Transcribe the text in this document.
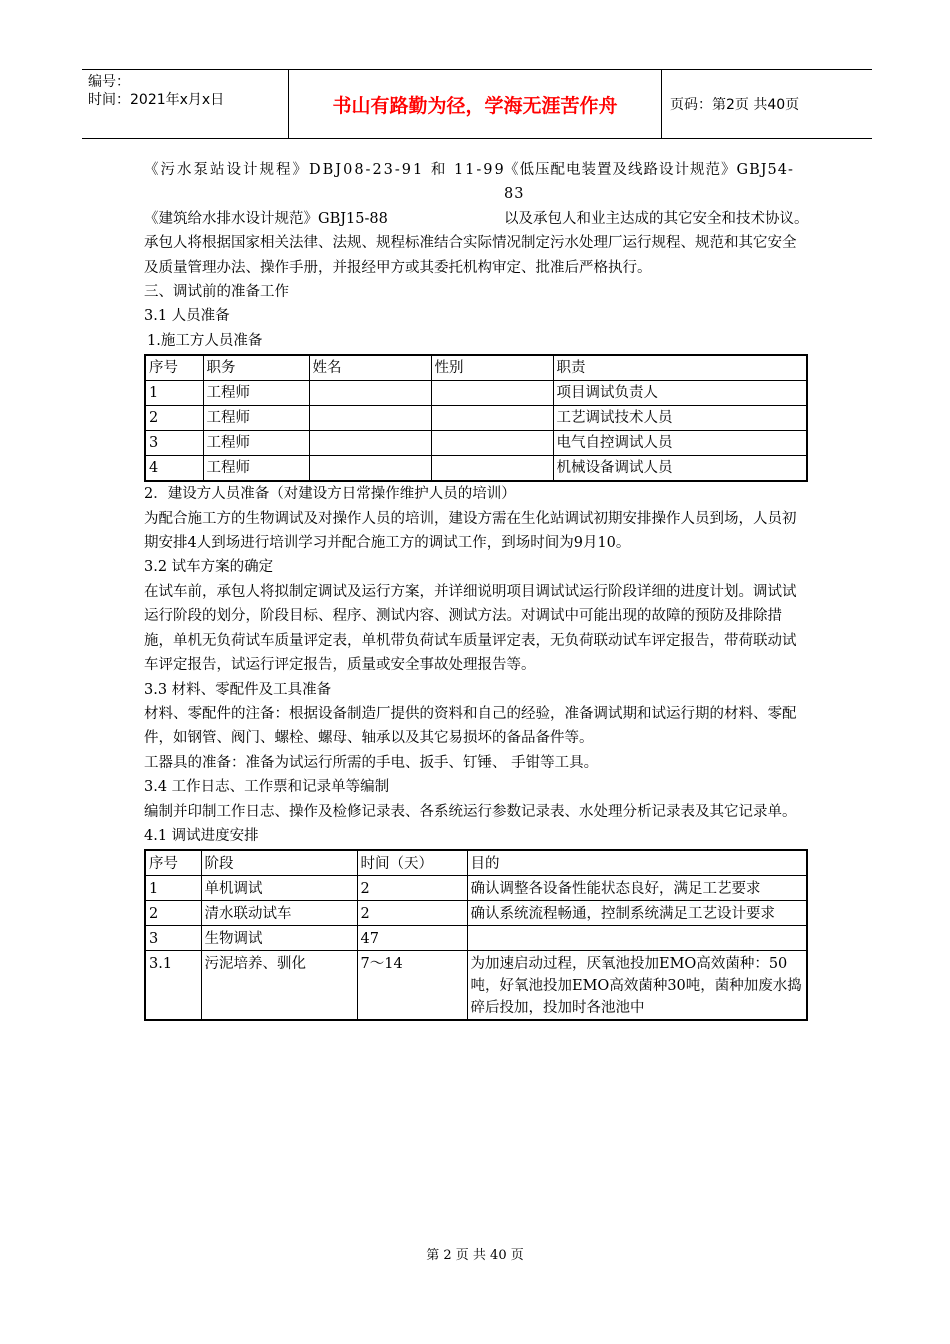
编号：
时间：2021年x月x日	书山有路勤为径，学海无涯苦作舟	页码：第2页 共40页
《污水泵站设计规程》DBJ08-23-91 和 11-99
《低压配电装置及线路设计规范》GBJ54-83
《建筑给水排水设计规范》GBJ15-88	以及承包人和业主达成的其它安全和技术协议。

承包人将根据国家相关法律、法规、规程标准结合实际情况制定污水处理厂运行规程、规范和其它安全及质量管理办法、操作手册，并报经甲方或其委托机构审定、批准后严格执行。

三、调试前的准备工作

3.1 人员准备

1.施工方人员准备

序号	职务	姓名	性别	职责
1	工程师			项目调试负责人
2	工程师			工艺调试技术人员
3	工程师			电气自控调试人员
4	工程师			机械设备调试人员

2．建设方人员准备（对建设方日常操作维护人员的培训）

为配合施工方的生物调试及对操作人员的培训，建设方需在生化站调试初期安排操作人员到场，人员初期安排4人到场进行培训学习并配合施工方的调试工作，到场时间为9月10。

3.2 试车方案的确定

在试车前，承包人将拟制定调试及运行方案，并详细说明项目调试试运行阶段详细的进度计划。调试试运行阶段的划分，阶段目标、程序、测试内容、测试方法。对调试中可能出现的故障的预防及排除措施，单机无负荷试车质量评定表，单机带负荷试车质量评定表，无负荷联动试车评定报告，带荷联动试车评定报告，试运行评定报告，质量或安全事故处理报告等。

3.3 材料、零配件及工具准备

材料、零配件的注备：根据设备制造厂提供的资料和自己的经验，准备调试期和试运行期的材料、零配件，如钢管、阀门、螺栓、螺母、轴承以及其它易损坏的备品备件等。

工器具的准备：准备为试运行所需的手电、扳手、钉锤、 手钳等工具。

3.4 工作日志、工作票和记录单等编制

编制并印制工作日志、操作及检修记录表、各系统运行参数记录表、水处理分析记录表及其它记录单。

4.1 调试进度安排

序号	阶段	时间（天）	目的
1	单机调试	2	确认调整各设备性能状态良好，满足工艺要求
2	清水联动试车	2	确认系统流程畅通，控制系统满足工艺设计要求
3	生物调试	47	
3.1	污泥培养、驯化	7～14	为加速启动过程，厌氧池投加EMO高效菌种：50吨，好氧池投加EMO高效菌种30吨，菌种加废水捣碎后投加，投加时各池池中
第 2 页 共 40 页
